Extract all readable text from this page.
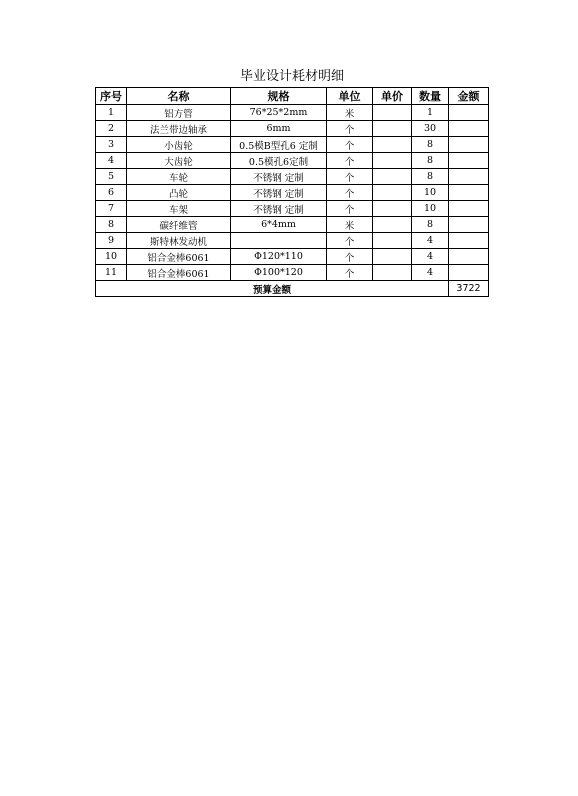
毕业设计耗材明细
序号	名称	规格	单位	单价	数量	金额
1	铝方管	76*25*2mm	米		1	
2	法兰带边轴承	6mm	个		30	
3	小齿轮	0.5模B型孔6 定制	个		8	
4	大齿轮	0.5模孔6定制	个		8	
5	车轮	不锈钢 定制	个		8	
6	凸轮	不锈钢 定制	个		10	
7	车架	不锈钢 定制	个		10	
8	碳纤维管	6*4mm	米		8	
9	斯特林发动机		个		4	
10	铝合金棒6061	Φ120*110	个		4	
11	铝合金棒6061	Φ100*120	个		4	
预算金额						3722
